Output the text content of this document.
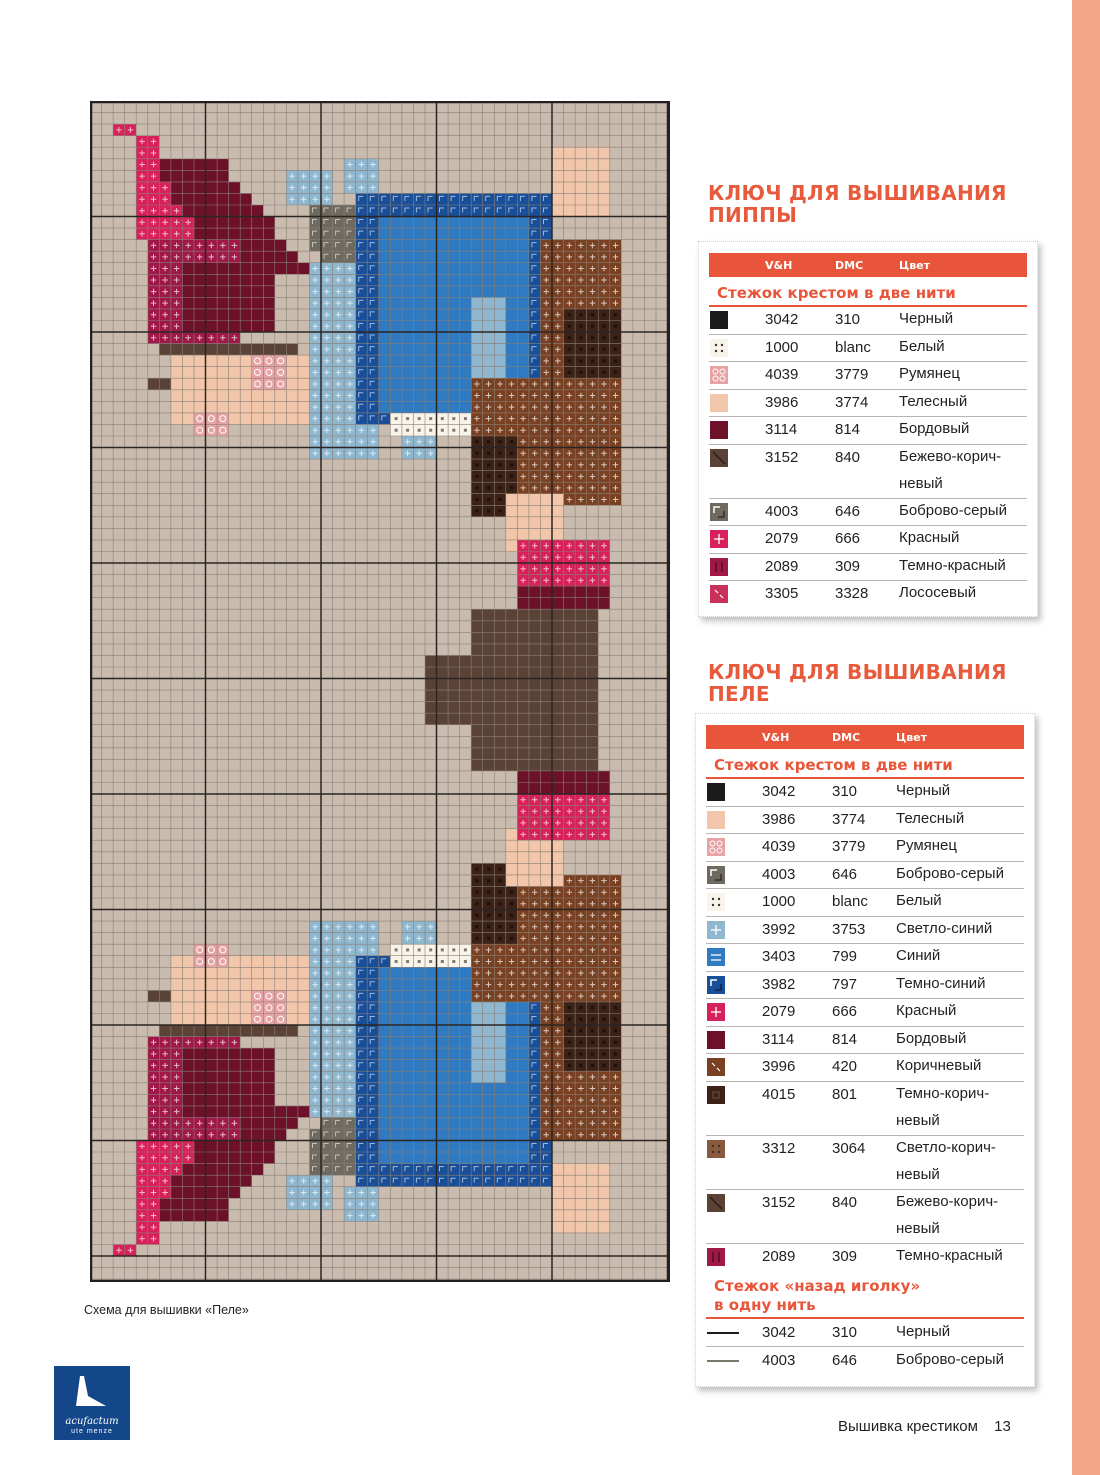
Схема для вышивки «Пеле»
КЛЮЧ ДЛЯ ВЫШИВАНИЯ
ПИППЫ
V&H	DMC	Цвет
Стежок крестом в две нити
3042 310	Черный
1000 blanc Белый
4039 3779 Румянец
3986 3774 Телесный
3114	814	Бордовый
3152 840	Бежево-корич-
невый
4003 646	Боброво-серый
2079 666	Красный
2089 309	Темно-красный
3305 3328 Лососевый
КЛЮЧ ДЛЯ ВЫШИВАНИЯ
ПЕЛЕ
V&H	DMC	Цвет
Стежок крестом в две нити
3042 310	Черный
3986 3774 Телесный
4039 3779 Румянец
4003 646	Боброво-серый
1000 blanc Белый
3992 3753 Светло-синий
3403 799	Синий
3982 797	Темно-синий
2079 666	Красный
3114	814	Бордовый
3996 420	Коричневый
4015 801	Темно-корич-
невый
3312 3064 Светло-корич-
невый
3152 840	Бежево-корич-
невый
2089 309	Темно-красный
Стежок «назад иголку»
в одну нить
3042 310	Черный
4003 646	Боброво-серый
Вышивка крестиком 13
acufactum
ute menze
